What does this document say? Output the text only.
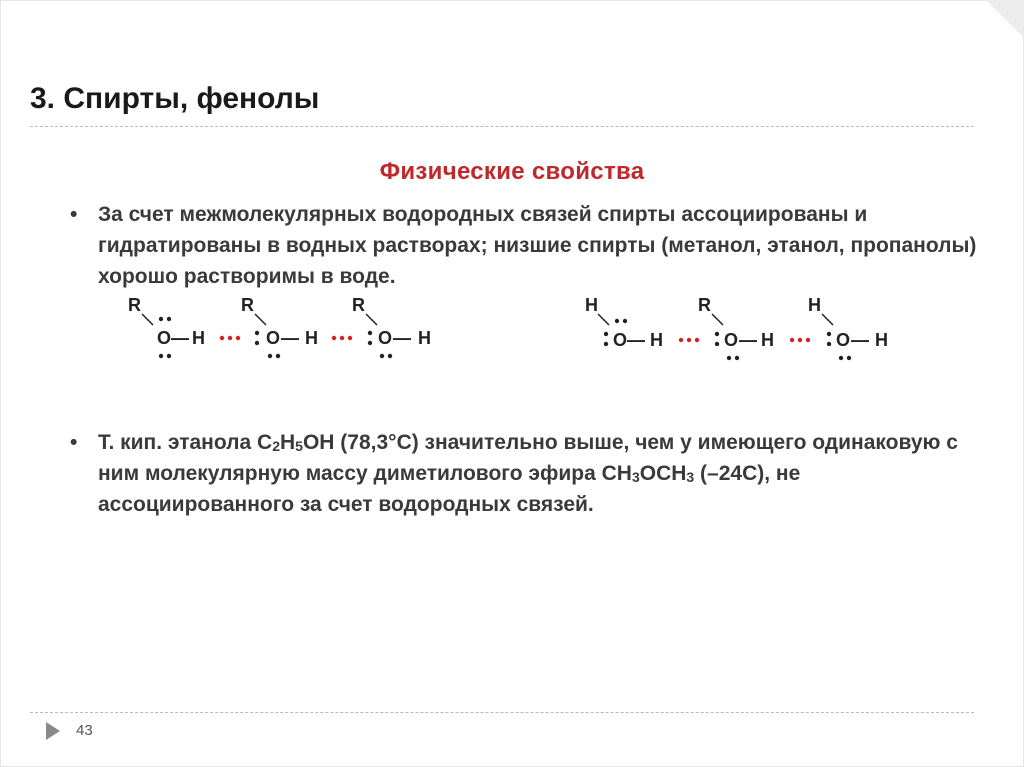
3. Спирты, фенолы
Физические свойства
• За счет межмолекулярных водородных связей спирты ассоциированы и гидратированы в водных растворах; низшие спирты (метанол, этанол, пропанолы) хорошо растворимы в воде.

R
O — H
R
O — H
R
O — H
H
O — H
R
O — H
H
O — H
• Т. кип. этанола $С_2Н_5ОН$ (78,3°С) значительно выше, чем у имеющего одинаковую с ним молекулярную массу диметилового эфира $СН_3ОСН_3$ (–24С), не ассоциированного за счет водородных связей.

43
